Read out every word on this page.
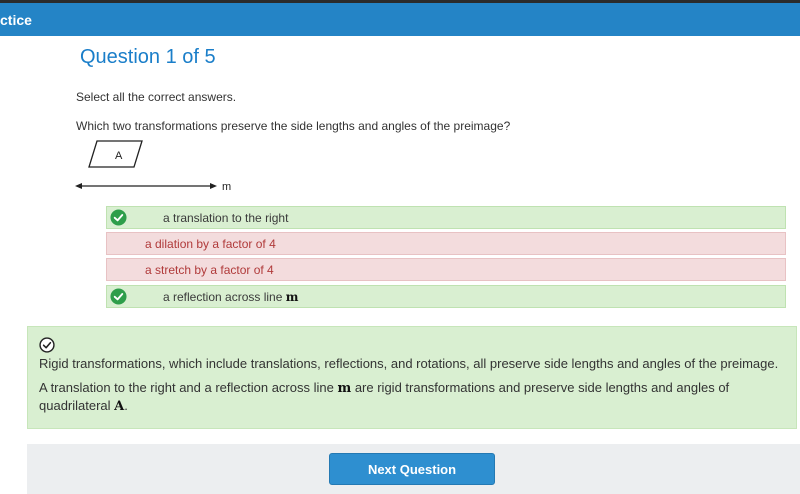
ctice
Question 1 of 5
Select all the correct answers.
Which two transformations preserve the side lengths and angles of the preimage?
A
m
a translation to the right
a dilation by a factor of 4
a stretch by a factor of 4
a reflection across line m
Rigid transformations, which include translations, reflections, and rotations, all preserve side lengths and angles of the preimage.
A translation to the right and a reflection across line m are rigid transformations and preserve side lengths and angles of quadrilateral A.
Next Question
